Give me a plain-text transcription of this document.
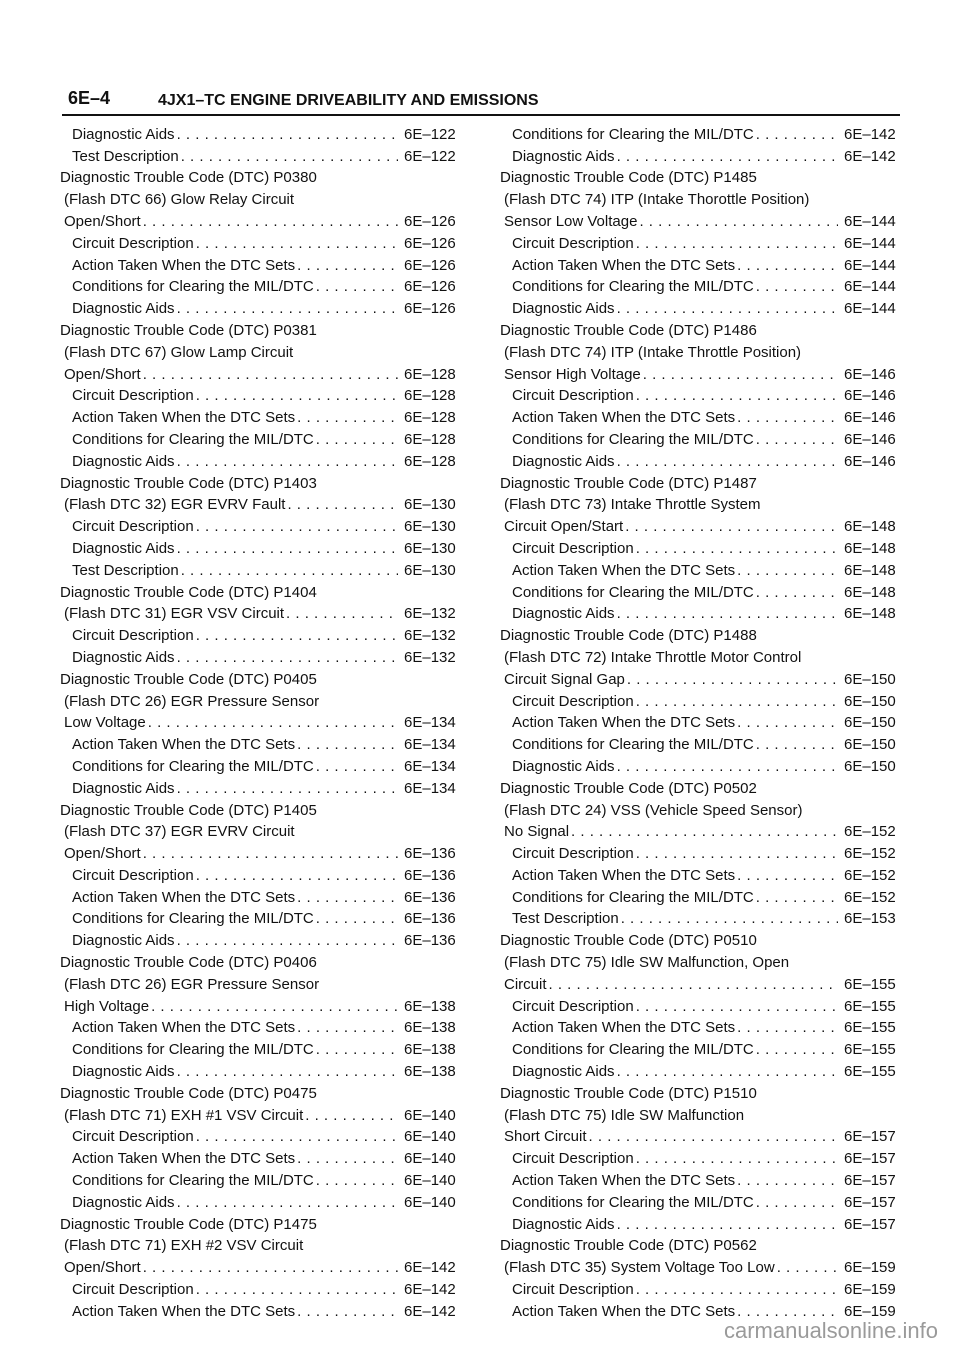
6E–4	4JX1–TC ENGINE DRIVEABILITY AND EMISSIONS
Diagnostic Aids . . .	6E–122
Test Description . . .	6E–122
Diagnostic Trouble Code (DTC) P0380
(Flash DTC 66) Glow Relay Circuit
Open/Short . . .	6E–126
Circuit Description . . .	6E–126
Action Taken When the DTC Sets . . .	6E–126
Conditions for Clearing the MIL/DTC . . .	6E–126
Diagnostic Aids . . .	6E–126
Diagnostic Trouble Code (DTC) P0381
(Flash DTC 67) Glow Lamp Circuit
Open/Short . . .	6E–128
Circuit Description . . .	6E–128
Action Taken When the DTC Sets . . .	6E–128
Conditions for Clearing the MIL/DTC . . .	6E–128
Diagnostic Aids . . .	6E–128
Diagnostic Trouble Code (DTC) P1403
(Flash DTC 32) EGR EVRV Fault . . .	6E–130
Circuit Description . . .	6E–130
Diagnostic Aids . . .	6E–130
Test Description . . .	6E–130
Diagnostic Trouble Code (DTC) P1404
(Flash DTC 31) EGR VSV Circuit . . .	6E–132
Circuit Description . . .	6E–132
Diagnostic Aids . . .	6E–132
Diagnostic Trouble Code (DTC) P0405
(Flash DTC 26) EGR Pressure Sensor
Low Voltage . . .	6E–134
Action Taken When the DTC Sets . . .	6E–134
Conditions for Clearing the MIL/DTC . . .	6E–134
Diagnostic Aids . . .	6E–134
Diagnostic Trouble Code (DTC) P1405
(Flash DTC 37) EGR EVRV Circuit
Open/Short . . .	6E–136
Circuit Description . . .	6E–136
Action Taken When the DTC Sets . . .	6E–136
Conditions for Clearing the MIL/DTC . . .	6E–136
Diagnostic Aids . . .	6E–136
Diagnostic Trouble Code (DTC) P0406
(Flash DTC 26) EGR Pressure Sensor
High Voltage . . .	6E–138
Action Taken When the DTC Sets . . .	6E–138
Conditions for Clearing the MIL/DTC . . .	6E–138
Diagnostic Aids . . .	6E–138
Diagnostic Trouble Code (DTC) P0475
(Flash DTC 71) EXH #1 VSV Circuit . . .	6E–140
Circuit Description . . .	6E–140
Action Taken When the DTC Sets . . .	6E–140
Conditions for Clearing the MIL/DTC . . .	6E–140
Diagnostic Aids . . .	6E–140
Diagnostic Trouble Code (DTC) P1475
(Flash DTC 71) EXH #2 VSV Circuit
Open/Short . . .	6E–142
Circuit Description . . .	6E–142
Action Taken When the DTC Sets . . .	6E–142
Conditions for Clearing the MIL/DTC . . .	6E–142
Diagnostic Aids . . .	6E–142
Diagnostic Trouble Code (DTC) P1485
(Flash DTC 74) ITP (Intake Thorottle Position)
Sensor Low Voltage . . .	6E–144
Circuit Description . . .	6E–144
Action Taken When the DTC Sets . . .	6E–144
Conditions for Clearing the MIL/DTC . . .	6E–144
Diagnostic Aids . . .	6E–144
Diagnostic Trouble Code (DTC) P1486
(Flash DTC 74) ITP (Intake Throttle Position)
Sensor High Voltage . . .	6E–146
Circuit Description . . .	6E–146
Action Taken When the DTC Sets . . .	6E–146
Conditions for Clearing the MIL/DTC . . .	6E–146
Diagnostic Aids . . .	6E–146
Diagnostic Trouble Code (DTC) P1487
(Flash DTC 73) Intake Throttle System
Circuit Open/Start . . .	6E–148
Circuit Description . . .	6E–148
Action Taken When the DTC Sets . . .	6E–148
Conditions for Clearing the MIL/DTC . . .	6E–148
Diagnostic Aids . . .	6E–148
Diagnostic Trouble Code (DTC) P1488
(Flash DTC 72) Intake Throttle Motor Control
Circuit Signal Gap . . .	6E–150
Circuit Description . . .	6E–150
Action Taken When the DTC Sets . . .	6E–150
Conditions for Clearing the MIL/DTC . . .	6E–150
Diagnostic Aids . . .	6E–150
Diagnostic Trouble Code (DTC) P0502
(Flash DTC 24) VSS (Vehicle Speed Sensor)
No Signal . . .	6E–152
Circuit Description . . .	6E–152
Action Taken When the DTC Sets . . .	6E–152
Conditions for Clearing the MIL/DTC . . .	6E–152
Test Description . . .	6E–153
Diagnostic Trouble Code (DTC) P0510
(Flash DTC 75) Idle SW Malfunction, Open
Circuit . . .	6E–155
Circuit Description . . .	6E–155
Action Taken When the DTC Sets . . .	6E–155
Conditions for Clearing the MIL/DTC . . .	6E–155
Diagnostic Aids . . .	6E–155
Diagnostic Trouble Code (DTC) P1510
(Flash DTC 75) Idle SW Malfunction
Short Circuit . . .	6E–157
Circuit Description . . .	6E–157
Action Taken When the DTC Sets . . .	6E–157
Conditions for Clearing the MIL/DTC . . .	6E–157
Diagnostic Aids . . .	6E–157
Diagnostic Trouble Code (DTC) P0562
(Flash DTC 35) System Voltage Too Low . . .	6E–159
Circuit Description . . .	6E–159
Action Taken When the DTC Sets . . .	6E–159
carmanualsonline.info
